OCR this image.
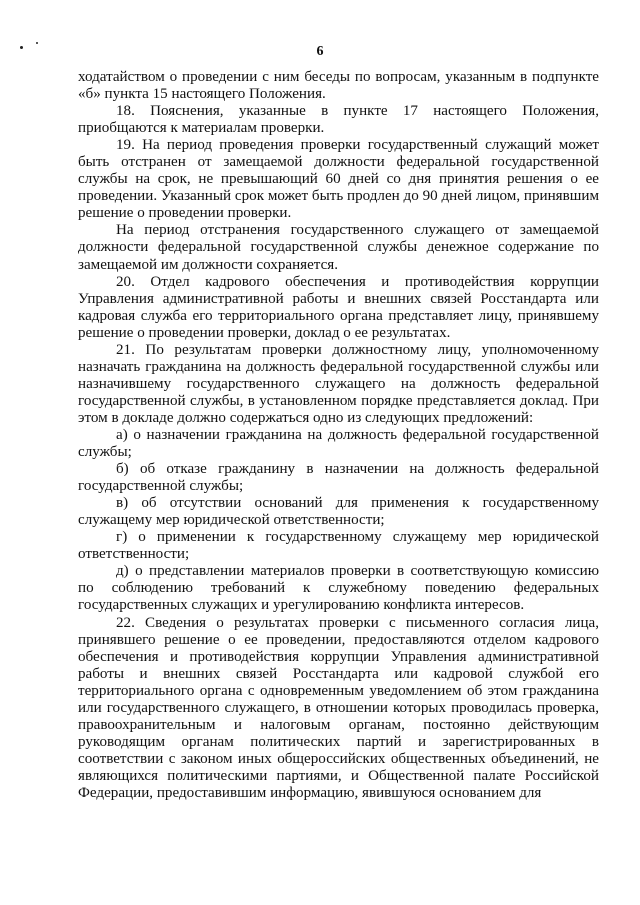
6

ходатайством о проведении с ним беседы по вопросам, указанным в подпункте «б» пункта 15 настоящего Положения.

18. Пояснения, указанные в пункте 17 настоящего Положения, приобщаются к материалам проверки.

19. На период проведения проверки государственный служащий может быть отстранен от замещаемой должности федеральной государственной службы на срок, не превышающий 60 дней со дня принятия решения о ее проведении. Указанный срок может быть продлен до 90 дней лицом, принявшим решение о проведении проверки.

На период отстранения государственного служащего от замещаемой должности федеральной государственной службы денежное содержание по замещаемой им должности сохраняется.

20. Отдел кадрового обеспечения и противодействия коррупции Управления административной работы и внешних связей Росстандарта или кадровая служба его территориального органа представляет лицу, принявшему решение о проведении проверки, доклад о ее результатах.

21. По результатам проверки должностному лицу, уполномоченному назначать гражданина на должность федеральной государственной службы или назначившему государственного служащего на должность федеральной государственной службы, в установленном порядке представляется доклад. При этом в докладе должно содержаться одно из следующих предложений:

а) о назначении гражданина на должность федеральной государственной службы;

б) об отказе гражданину в назначении на должность федеральной государственной службы;

в) об отсутствии оснований для применения к государственному служащему мер юридической ответственности;

г) о применении к государственному служащему мер юридической ответственности;

д) о представлении материалов проверки в соответствующую комиссию по соблюдению требований к служебному поведению федеральных государственных служащих и урегулированию конфликта интересов.

22. Сведения о результатах проверки с письменного согласия лица, принявшего решение о ее проведении, предоставляются отделом кадрового обеспечения и противодействия коррупции Управления административной работы и внешних связей Росстандарта или кадровой службой его территориального органа с одновременным уведомлением об этом гражданина или государственного служащего, в отношении которых проводилась проверка, правоохранительным и налоговым органам, постоянно действующим руководящим органам политических партий и зарегистрированных в соответствии с законом иных общероссийских общественных объединений, не являющихся политическими партиями, и Общественной палате Российской Федерации, предоставившим информацию, явившуюся основанием для
